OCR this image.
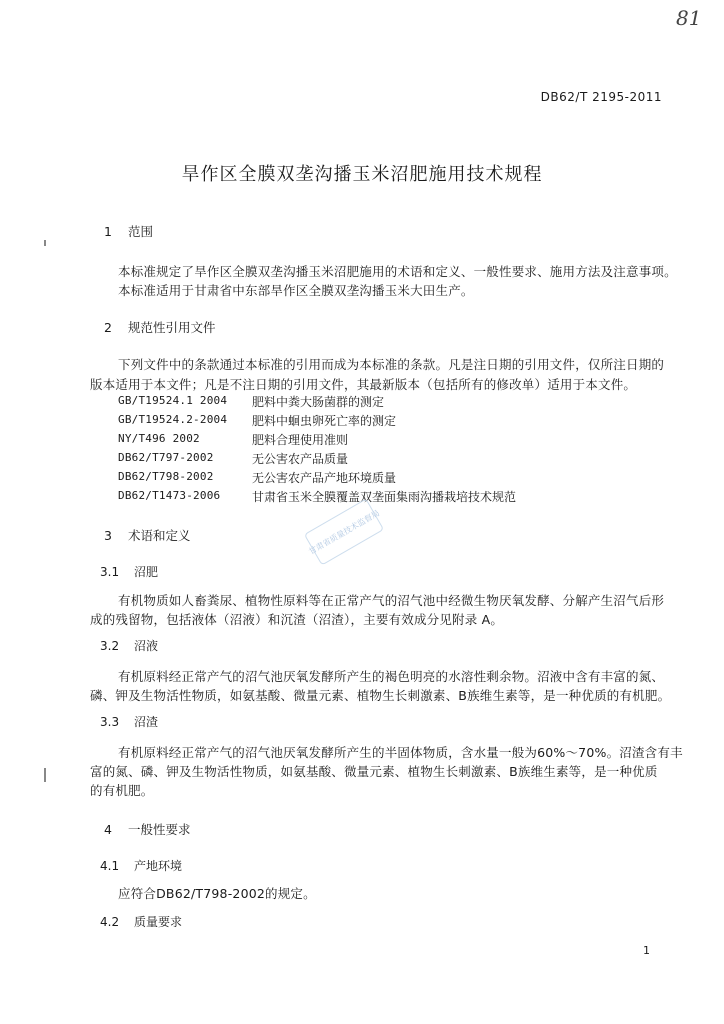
81
DB62/T 2195-2011
旱作区全膜双垄沟播玉米沼肥施用技术规程
1 范围
本标准规定了旱作区全膜双垄沟播玉米沼肥施用的术语和定义、一般性要求、施用方法及注意事项。
本标准适用于甘肃省中东部旱作区全膜双垄沟播玉米大田生产。
2 规范性引用文件
下列文件中的条款通过本标准的引用而成为本标准的条款。凡是注日期的引用文件，仅所注日期的
版本适用于本文件；凡是不注日期的引用文件，其最新版本（包括所有的修改单）适用于本文件。
GB/T19524.1 2004 肥料中粪大肠菌群的测定
GB/T19524.2-2004 肥料中蛔虫卵死亡率的测定
NY/T496 2002	肥料合理使用准则
DB62/T797-2002	无公害农产品质量
DB62/T798-2002	无公害农产品产地环境质量
DB62/T1473-2006	甘肃省玉米全膜覆盖双垄面集雨沟播栽培技术规范
甘肃省质量技术监督局
3 术语和定义
3.1 沼肥
有机物质如人畜粪尿、植物性原料等在正常产气的沼气池中经微生物厌氧发酵、分解产生沼气后形
成的残留物，包括液体（沼液）和沉渣（沼渣），主要有效成分见附录 A。
3.2 沼液
有机原料经正常产气的沼气池厌氧发酵所产生的褐色明亮的水溶性剩余物。沼液中含有丰富的氮、
磷、钾及生物活性物质，如氨基酸、微量元素、植物生长刺激素、B族维生素等，是一种优质的有机肥。
3.3 沼渣
有机原料经正常产气的沼气池厌氧发酵所产生的半固体物质，含水量一般为60%～70%。沼渣含有丰
富的氮、磷、钾及生物活性物质，如氨基酸、微量元素、植物生长刺激素、B族维生素等，是一种优质
的有机肥。
4 一般性要求
4.1 产地环境
应符合DB62/T798-2002的规定。
4.2 质量要求
1
